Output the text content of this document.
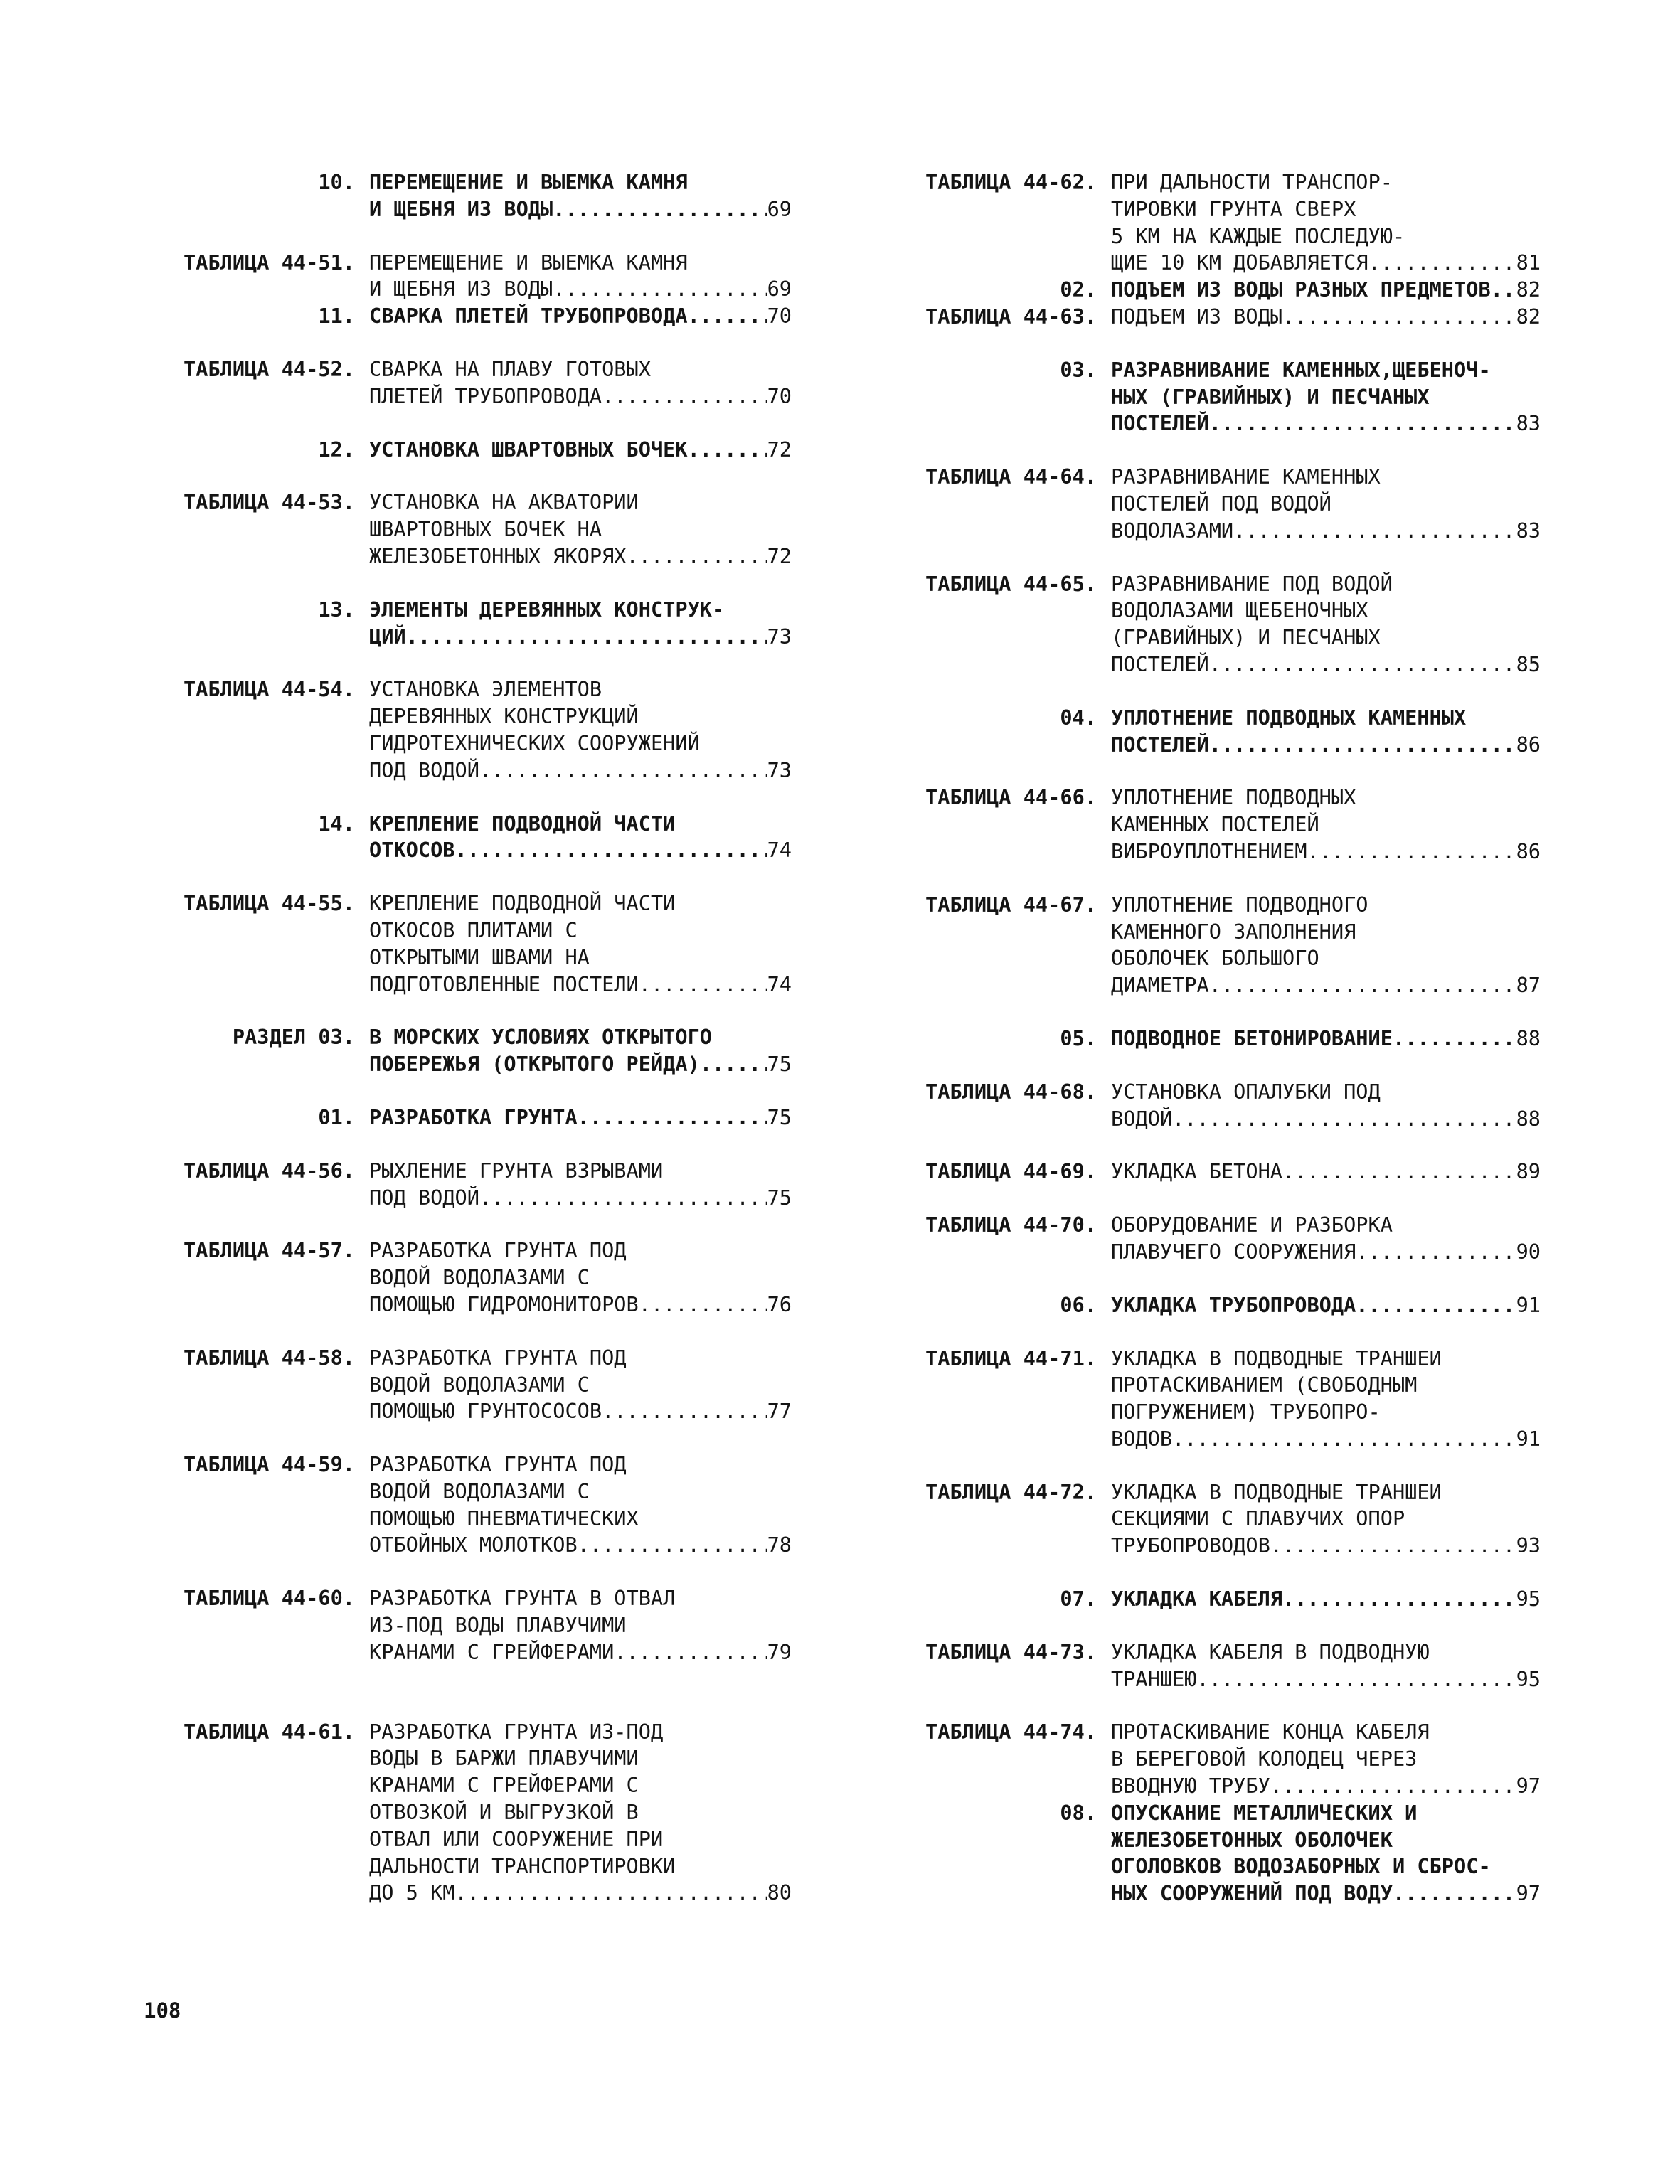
10. ПЕРЕМЕЩЕНИЕ И ВЫЕМКА КАМНЯ
И ЩЕБНЯ ИЗ ВОДЫ .....	69
ТАБЛИЦА 44-51. ПЕРЕМЕЩЕНИЕ И ВЫЕМКА КАМНЯ
И ЩЕБНЯ ИЗ ВОДЫ .....	69
11. СВАРКА ПЛЕТЕЙ ТРУБОПРОВОДА .....	70
ТАБЛИЦА 44-52. СВАРКА НА ПЛАВУ ГОТОВЫХ
ПЛЕТЕЙ ТРУБОПРОВОДА .....	70
12. УСТАНОВКА ШВАРТОВНЫХ БОЧЕК .....	72
ТАБЛИЦА 44-53. УСТАНОВКА НА АКВАТОРИИ
ШВАРТОВНЫХ БОЧЕК НА
ЖЕЛЕЗОБЕТОННЫХ ЯКОРЯХ .....	72
13. ЭЛЕМЕНТЫ ДЕРЕВЯННЫХ КОНСТРУК-
ЦИЙ .....	73
ТАБЛИЦА 44-54. УСТАНОВКА ЭЛЕМЕНТОВ
ДЕРЕВЯННЫХ КОНСТРУКЦИЙ
ГИДРОТЕХНИЧЕСКИХ СООРУЖЕНИЙ
ПОД ВОДОЙ .....	73
14. КРЕПЛЕНИЕ ПОДВОДНОЙ ЧАСТИ
ОТКОСОВ .....	74
ТАБЛИЦА 44-55. КРЕПЛЕНИЕ ПОДВОДНОЙ ЧАСТИ
ОТКОСОВ ПЛИТАМИ С
ОТКРЫТЫМИ ШВАМИ НА
ПОДГОТОВЛЕННЫЕ ПОСТЕЛИ .....	74
РАЗДЕЛ 03. В МОРСКИХ УСЛОВИЯХ ОТКРЫТОГО
ПОБЕРЕЖЬЯ (ОТКРЫТОГО РЕЙДА) .....	75
01. РАЗРАБОТКА ГРУНТА .....	75
ТАБЛИЦА 44-56. РЫХЛЕНИЕ ГРУНТА ВЗРЫВАМИ
ПОД ВОДОЙ .....	75
ТАБЛИЦА 44-57. РАЗРАБОТКА ГРУНТА ПОД
ВОДОЙ ВОДОЛАЗАМИ С
ПОМОЩЬЮ ГИДРОМОНИТОРОВ .....	76
ТАБЛИЦА 44-58. РАЗРАБОТКА ГРУНТА ПОД
ВОДОЙ ВОДОЛАЗАМИ С
ПОМОЩЬЮ ГРУНТОСОСОВ .....	77
ТАБЛИЦА 44-59. РАЗРАБОТКА ГРУНТА ПОД
ВОДОЙ ВОДОЛАЗАМИ С
ПОМОЩЬЮ ПНЕВМАТИЧЕСКИХ
ОТБОЙНЫХ МОЛОТКОВ .....	78
ТАБЛИЦА 44-60. РАЗРАБОТКА ГРУНТА В ОТВАЛ
ИЗ-ПОД ВОДЫ ПЛАВУЧИМИ
КРАНАМИ С ГРЕЙФЕРАМИ .....	79
ТАБЛИЦА 44-61. РАЗРАБОТКА ГРУНТА ИЗ-ПОД
ВОДЫ В БАРЖИ ПЛАВУЧИМИ
КРАНАМИ С ГРЕЙФЕРАМИ С
ОТВОЗКОЙ И ВЫГРУЗКОЙ В
ОТВАЛ ИЛИ СООРУЖЕНИЕ ПРИ
ДАЛЬНОСТИ ТРАНСПОРТИРОВКИ
ДО 5 КМ .....	80
ТАБЛИЦА 44-62. ПРИ ДАЛЬНОСТИ ТРАНСПОР-
ТИРОВКИ ГРУНТА СВЕРХ
5 КМ НА КАЖДЫЕ ПОСЛЕДУЮ-
ЩИЕ 10 КМ ДОБАВЛЯЕТСЯ .....	81
02. ПОДЪЕМ ИЗ ВОДЫ РАЗНЫХ ПРЕДМЕТОВ ..... 82
ТАБЛИЦА 44-63. ПОДЪЕМ ИЗ ВОДЫ .....	82
03. РАЗРАВНИВАНИЕ КАМЕННЫХ,ЩЕБЕНОЧ-
НЫХ (ГРАВИЙНЫХ) И ПЕСЧАНЫХ
ПОСТЕЛЕЙ .....	83
ТАБЛИЦА 44-64. РАЗРАВНИВАНИЕ КАМЕННЫХ
ПОСТЕЛЕЙ ПОД ВОДОЙ
ВОДОЛАЗАМИ .....	83
ТАБЛИЦА 44-65. РАЗРАВНИВАНИЕ ПОД ВОДОЙ
ВОДОЛАЗАМИ ЩЕБЕНОЧНЫХ
(ГРАВИЙНЫХ) И ПЕСЧАНЫХ
ПОСТЕЛЕЙ .....	85
04. УПЛОТНЕНИЕ ПОДВОДНЫХ КАМЕННЫХ
ПОСТЕЛЕЙ .....	86
ТАБЛИЦА 44-66. УПЛОТНЕНИЕ ПОДВОДНЫХ
КАМЕННЫХ ПОСТЕЛЕЙ
ВИБРОУПЛОТНЕНИЕМ .....	86
ТАБЛИЦА 44-67. УПЛОТНЕНИЕ ПОДВОДНОГО
КАМЕННОГО ЗАПОЛНЕНИЯ
ОБОЛОЧЕК БОЛЬШОГО
ДИАМЕТРА .....	87
05. ПОДВОДНОЕ БЕТОНИРОВАНИЕ .....	88
ТАБЛИЦА 44-68. УСТАНОВКА ОПАЛУБКИ ПОД
ВОДОЙ .....	88
ТАБЛИЦА 44-69. УКЛАДКА БЕТОНА .....	89
ТАБЛИЦА 44-70. ОБОРУДОВАНИЕ И РАЗБОРКА
ПЛАВУЧЕГО СООРУЖЕНИЯ .....	90
06. УКЛАДКА ТРУБОПРОВОДА .....	91
ТАБЛИЦА 44-71. УКЛАДКА В ПОДВОДНЫЕ ТРАНШЕИ
ПРОТАСКИВАНИЕМ (СВОБОДНЫМ
ПОГРУЖЕНИЕМ) ТРУБОПРО-
ВОДОВ .....	91
ТАБЛИЦА 44-72. УКЛАДКА В ПОДВОДНЫЕ ТРАНШЕИ
СЕКЦИЯМИ С ПЛАВУЧИХ ОПОР
ТРУБОПРОВОДОВ .....	93
07. УКЛАДКА КАБЕЛЯ .....	95
ТАБЛИЦА 44-73. УКЛАДКА КАБЕЛЯ В ПОДВОДНУЮ
ТРАНШЕЮ .....	95
ТАБЛИЦА 44-74. ПРОТАСКИВАНИЕ КОНЦА КАБЕЛЯ
В БЕРЕГОВОЙ КОЛОДЕЦ ЧЕРЕЗ
ВВОДНУЮ ТРУБУ .....	97
08. ОПУСКАНИЕ МЕТАЛЛИЧЕСКИХ И
ЖЕЛЕЗОБЕТОННЫХ ОБОЛОЧЕК
ОГОЛОВКОВ ВОДОЗАБОРНЫХ И СБРОС-
НЫХ СООРУЖЕНИЙ ПОД ВОДУ .....	97
108
